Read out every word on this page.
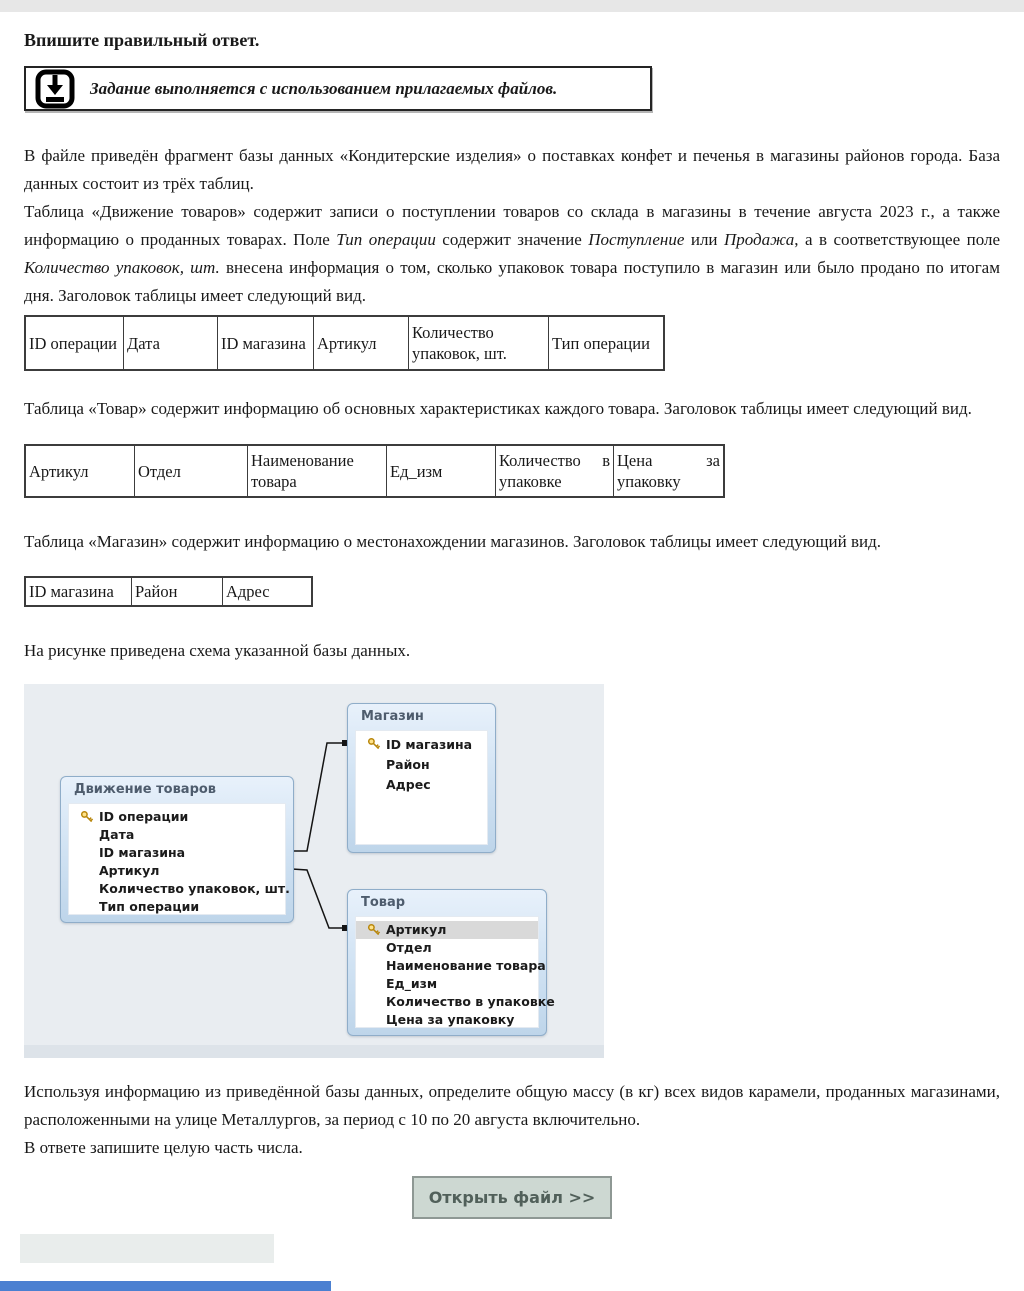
Впишите правильный ответ.

Задание выполняется с использованием прилагаемых файлов.

В файле приведён фрагмент базы данных «Кондитерские изделия» о поставках конфет и печенья в магазины районов города. База данных состоит из трёх таблиц.

Таблица «Движение товаров» содержит записи о поступлении товаров со склада в магазины в течение августа 2023 г., а также информацию о проданных товарах. Поле Тип операции содержит значение Поступление или Продажа, а в соответствующее поле Количество упаковок, шт. внесена информация о том, сколько упаковок товара поступило в магазин или было продано по итогам дня. Заголовок таблицы имеет следующий вид.

ID операции	Дата	ID магазина	Артикул	Количество упаковок, шт.	Тип операции

Таблица «Товар» содержит информацию об основных характеристиках каждого товара. Заголовок таблицы имеет следующий вид.

Артикул	Отдел	Наименование товара	Ед_изм	Количество в упаковке	Цена за упаковку

Таблица «Магазин» содержит информацию о местонахождении магазинов. Заголовок таблицы имеет следующий вид.

ID магазина	Район	Адрес

На рисунке приведена схема указанной базы данных.

Магазин
ID магазина
Район
Адрес
Движение товаров
ID операции
Дата
ID магазина
Артикул
Количество упаковок, шт.
Тип операции	Товар
Артикул
Отдел
Наименование товара
Ед_изм
Количество в упаковке
Цена за упаковку

Используя информацию из приведённой базы данных, определите общую массу (в кг) всех видов карамели, проданных магазинами, расположенными на улице Металлургов, за период с 10 по 20 августа включительно.

В ответе запишите целую часть числа.

Открыть файл >>
